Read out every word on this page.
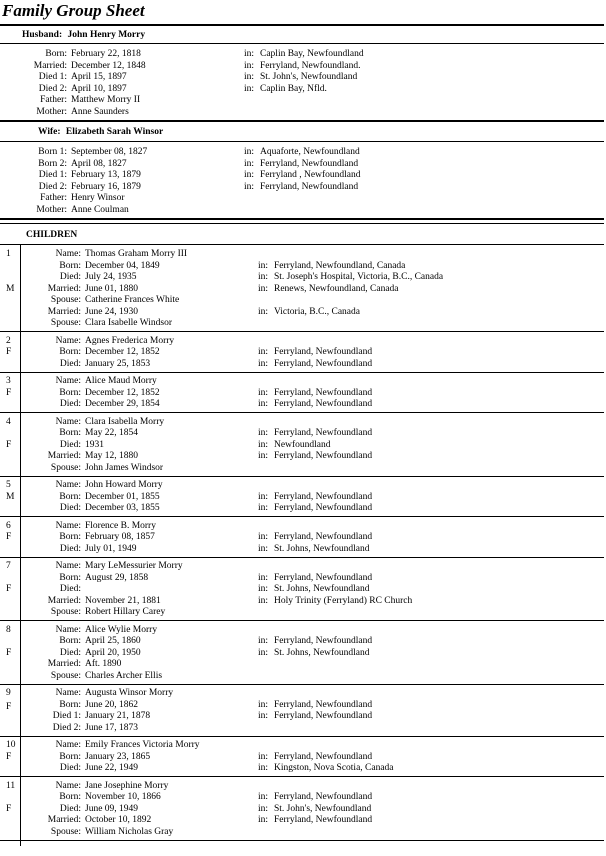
Family Group Sheet
Husband: John Henry Morry
Born: February 22, 1818	in: Caplin Bay, Newfoundland
Married: December 12, 1848	in: Ferryland, Newfoundland.
Died 1: April 15, 1897	in: St. John's, Newfoundland
Died 2: April 10, 1897	in: Caplin Bay, Nfld.
Father: Matthew Morry II
Mother: Anne Saunders
Wife: Elizabeth Sarah Winsor
Born 1: September 08, 1827	in: Aquaforte, Newfoundland
Born 2: April 08, 1827	in: Ferryland, Newfoundland
Died 1: February 13, 1879	in: Ferryland , Newfoundland
Died 2: February 16, 1879	in: Ferryland, Newfoundland
Father: Henry Winsor
Mother: Anne Coulman
CHILDREN
1
M
Name: Thomas Graham Morry III
Born: December 04, 1849	in: Ferryland, Newfoundland, Canada
Died: July 24, 1935	in: St. Joseph's Hospital, Victoria, B.C., Canada
Married: June 01, 1880	in: Renews, Newfoundland, Canada
Spouse: Catherine Frances White
Married: June 24, 1930	in: Victoria, B.C., Canada
Spouse: Clara Isabelle Windsor
2
F
Name: Agnes Frederica Morry
Born: December 12, 1852	in: Ferryland, Newfoundland
Died: January 25, 1853	in: Ferryland, Newfoundland
3
F
Name: Alice Maud Morry
Born: December 12, 1852	in: Ferryland, Newfoundland
Died: December 29, 1854	in: Ferryland, Newfoundland
4
F
Name: Clara Isabella Morry
Born: May 22, 1854	in: Ferryland, Newfoundland
Died: 1931	in: Newfoundland
Married: May 12, 1880	in: Ferryland, Newfoundland
Spouse: John James Windsor
5
M
Name: John Howard Morry
Born: December 01, 1855	in: Ferryland, Newfoundland
Died: December 03, 1855	in: Ferryland, Newfoundland
6
F
Name: Florence B. Morry
Born: February 08, 1857	in: Ferryland, Newfoundland
Died: July 01, 1949	in: St. Johns, Newfoundland
7
F
Name: Mary LeMessurier Morry
Born: August 29, 1858	in: Ferryland, Newfoundland
Died:	in: St. Johns, Newfoundland
Married: November 21, 1881	in: Holy Trinity (Ferryland) RC Church
Spouse: Robert Hillary Carey
8
F
Name: Alice Wylie Morry
Born: April 25, 1860	in: Ferryland, Newfoundland
Died: April 20, 1950	in: St. Johns, Newfoundland
Married: Aft. 1890
Spouse: Charles Archer Ellis
9
F
Name: Augusta Winsor Morry
Born: June 20, 1862	in: Ferryland, Newfoundland
Died 1: January 21, 1878	in: Ferryland, Newfoundland
Died 2: June 17, 1873
10
F
Name: Emily Frances Victoria Morry
Born: January 23, 1865	in: Ferryland, Newfoundland
Died: June 22, 1949	in: Kingston, Nova Scotia, Canada
11
F
Name: Jane Josephine Morry
Born: November 10, 1866	in: Ferryland, Newfoundland
Died: June 09, 1949	in: St. John's, Newfoundland
Married: October 10, 1892	in: Ferryland, Newfoundland
Spouse: William Nicholas Gray
